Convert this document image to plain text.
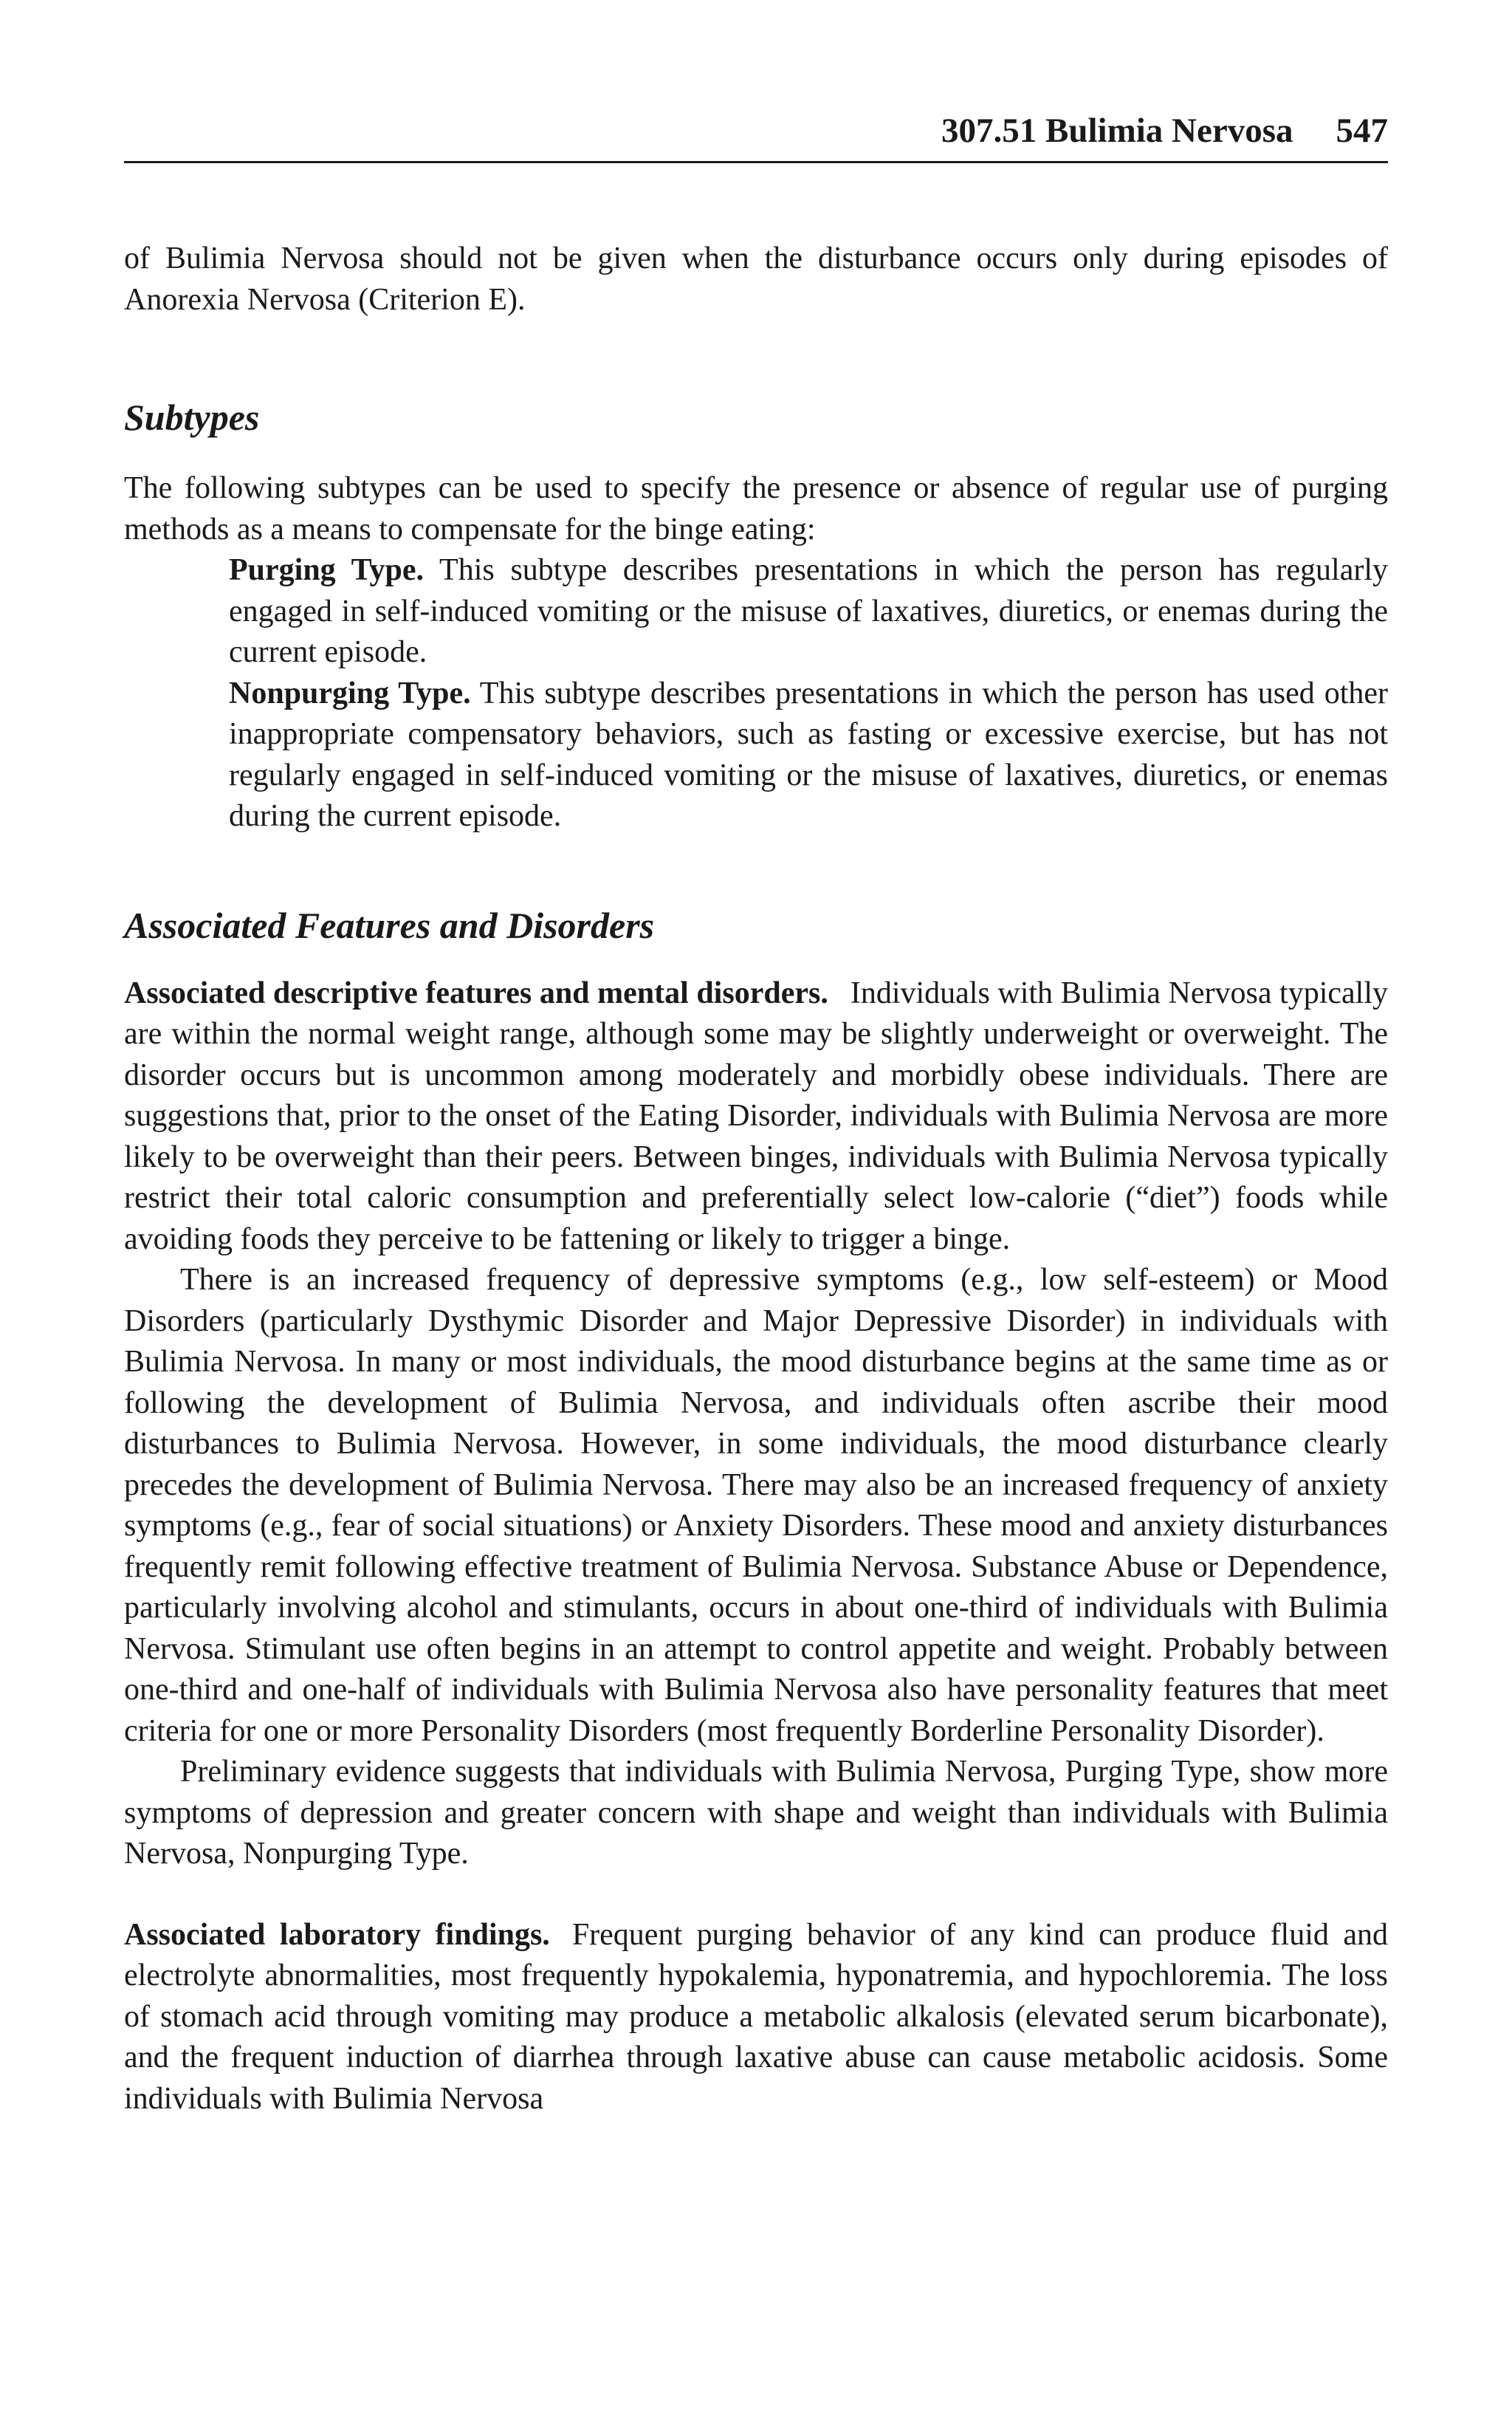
307.51 Bulimia Nervosa 547

of Bulimia Nervosa should not be given when the disturbance occurs only during episodes of Anorexia Nervosa (Criterion E).

Subtypes

The following subtypes can be used to specify the presence or absence of regular use of purging methods as a means to compensate for the binge eating:

Purging Type. This subtype describes presentations in which the person has regularly engaged in self-induced vomiting or the misuse of laxatives, diuretics, or enemas during the current episode.

Nonpurging Type. This subtype describes presentations in which the person has used other inappropriate compensatory behaviors, such as fasting or excessive exercise, but has not regularly engaged in self-induced vomiting or the misuse of laxatives, diuretics, or enemas during the current episode.

Associated Features and Disorders

Associated descriptive features and mental disorders. Individuals with Bulimia Nervosa typically are within the normal weight range, although some may be slightly underweight or overweight. The disorder occurs but is uncommon among moderately and morbidly obese individuals. There are suggestions that, prior to the onset of the Eating Disorder, individuals with Bulimia Nervosa are more likely to be overweight than their peers. Between binges, individuals with Bulimia Nervosa typically restrict their total caloric consumption and preferentially select low-calorie (“diet”) foods while avoiding foods they perceive to be fattening or likely to trigger a binge.

There is an increased frequency of depressive symptoms (e.g., low self-esteem) or Mood Disorders (particularly Dysthymic Disorder and Major Depressive Disorder) in individuals with Bulimia Nervosa. In many or most individuals, the mood disturbance begins at the same time as or following the development of Bulimia Nervosa, and individuals often ascribe their mood disturbances to Bulimia Nervosa. However, in some individuals, the mood disturbance clearly precedes the development of Bulimia Nervosa. There may also be an increased frequency of anxiety symptoms (e.g., fear of social situations) or Anxiety Disorders. These mood and anxiety disturbances frequently remit following effective treatment of Bulimia Nervosa. Substance Abuse or Dependence, particularly involving alcohol and stimulants, occurs in about one-third of individuals with Bulimia Nervosa. Stimulant use often begins in an attempt to control appetite and weight. Probably between one-third and one-half of individuals with Bulimia Nervosa also have personality features that meet criteria for one or more Personality Disorders (most frequently Borderline Personality Disorder).

Preliminary evidence suggests that individuals with Bulimia Nervosa, Purging Type, show more symptoms of depression and greater concern with shape and weight than individuals with Bulimia Nervosa, Nonpurging Type.

Associated laboratory findings. Frequent purging behavior of any kind can produce fluid and electrolyte abnormalities, most frequently hypokalemia, hyponatremia, and hypochloremia. The loss of stomach acid through vomiting may produce a metabolic alkalosis (elevated serum bicarbonate), and the frequent induction of diarrhea through laxative abuse can cause metabolic acidosis. Some individuals with Bulimia Nervosa
